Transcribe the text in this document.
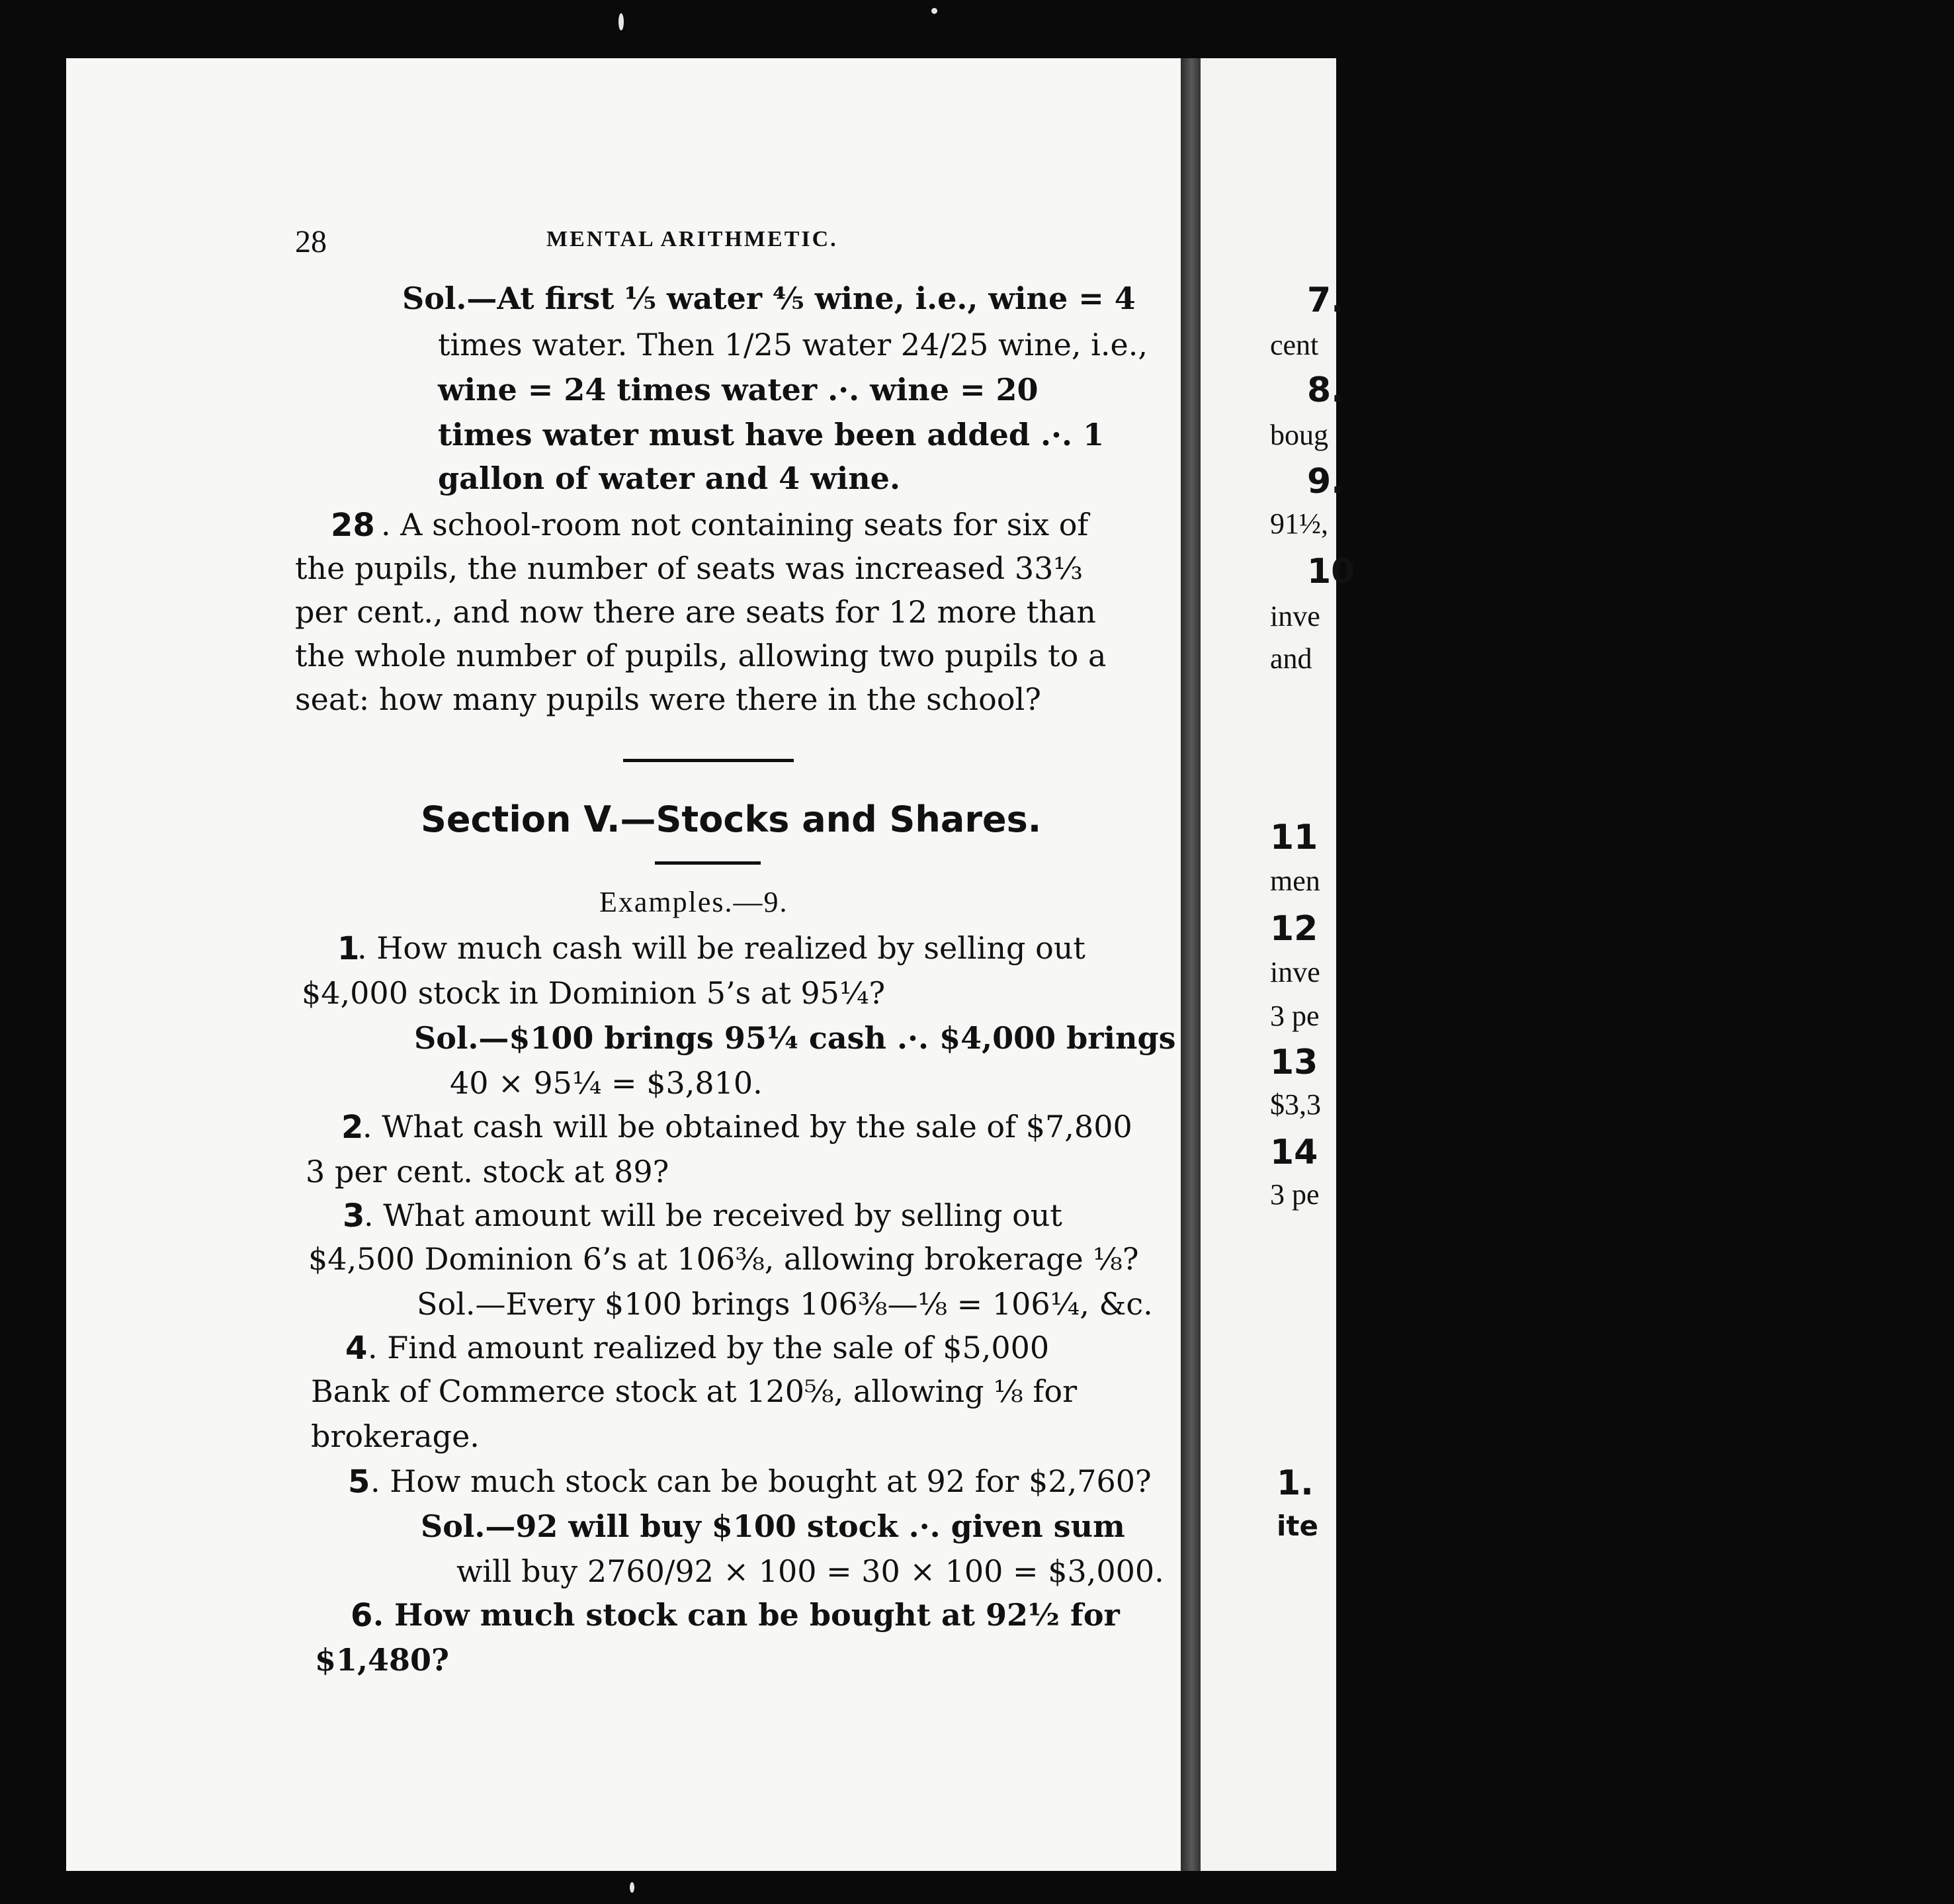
28	MENTAL ARITHMETIC.
Sol.—At first ⅕ water ⅘ wine, i.e., wine = 4
times water. Then 1/25 water 24/25 wine, i.e.,
wine = 24 times water .·. wine = 20
times water must have been added .·. 1
gallon of water and 4 wine.
28 . A school-room not containing seats for six of
the pupils, the number of seats was increased 33⅓
per cent., and now there are seats for 12 more than
the whole number of pupils, allowing two pupils to a
seat: how many pupils were there in the school?
Section V.—Stocks and Shares.
Examples.—9.
1
. How much cash will be realized by selling out
$4,000 stock in Dominion 5’s at 95¼?
Sol.—$100 brings 95¼ cash .·. $4,000 brings
40 × 95¼ = $3,810.
2
. What cash will be obtained by the sale of $7,800
3 per cent. stock at 89?
3
. What amount will be received by selling out
$4,500 Dominion 6’s at 106⅜, allowing brokerage ⅛?
Sol.—Every $100 brings 106⅜—⅛ = 106¼, &c.
4 . Find amount realized by the sale of $5,000
Bank of Commerce stock at 120⅝, allowing ⅛ for
brokerage.
5 . How much stock can be bought at 92 for $2,760?
Sol.—92 will buy $100 stock .·. given sum
will buy 2760/92 × 100 = 30 × 100 = $3,000.
6 . How much stock can be bought at 92½ for
$1,480?
7.
cent
8.
boug
9.
91½,
10
inve
and
11
men
12
inve
3 pe
13
$3,3
14
3 pe
1.
ite
